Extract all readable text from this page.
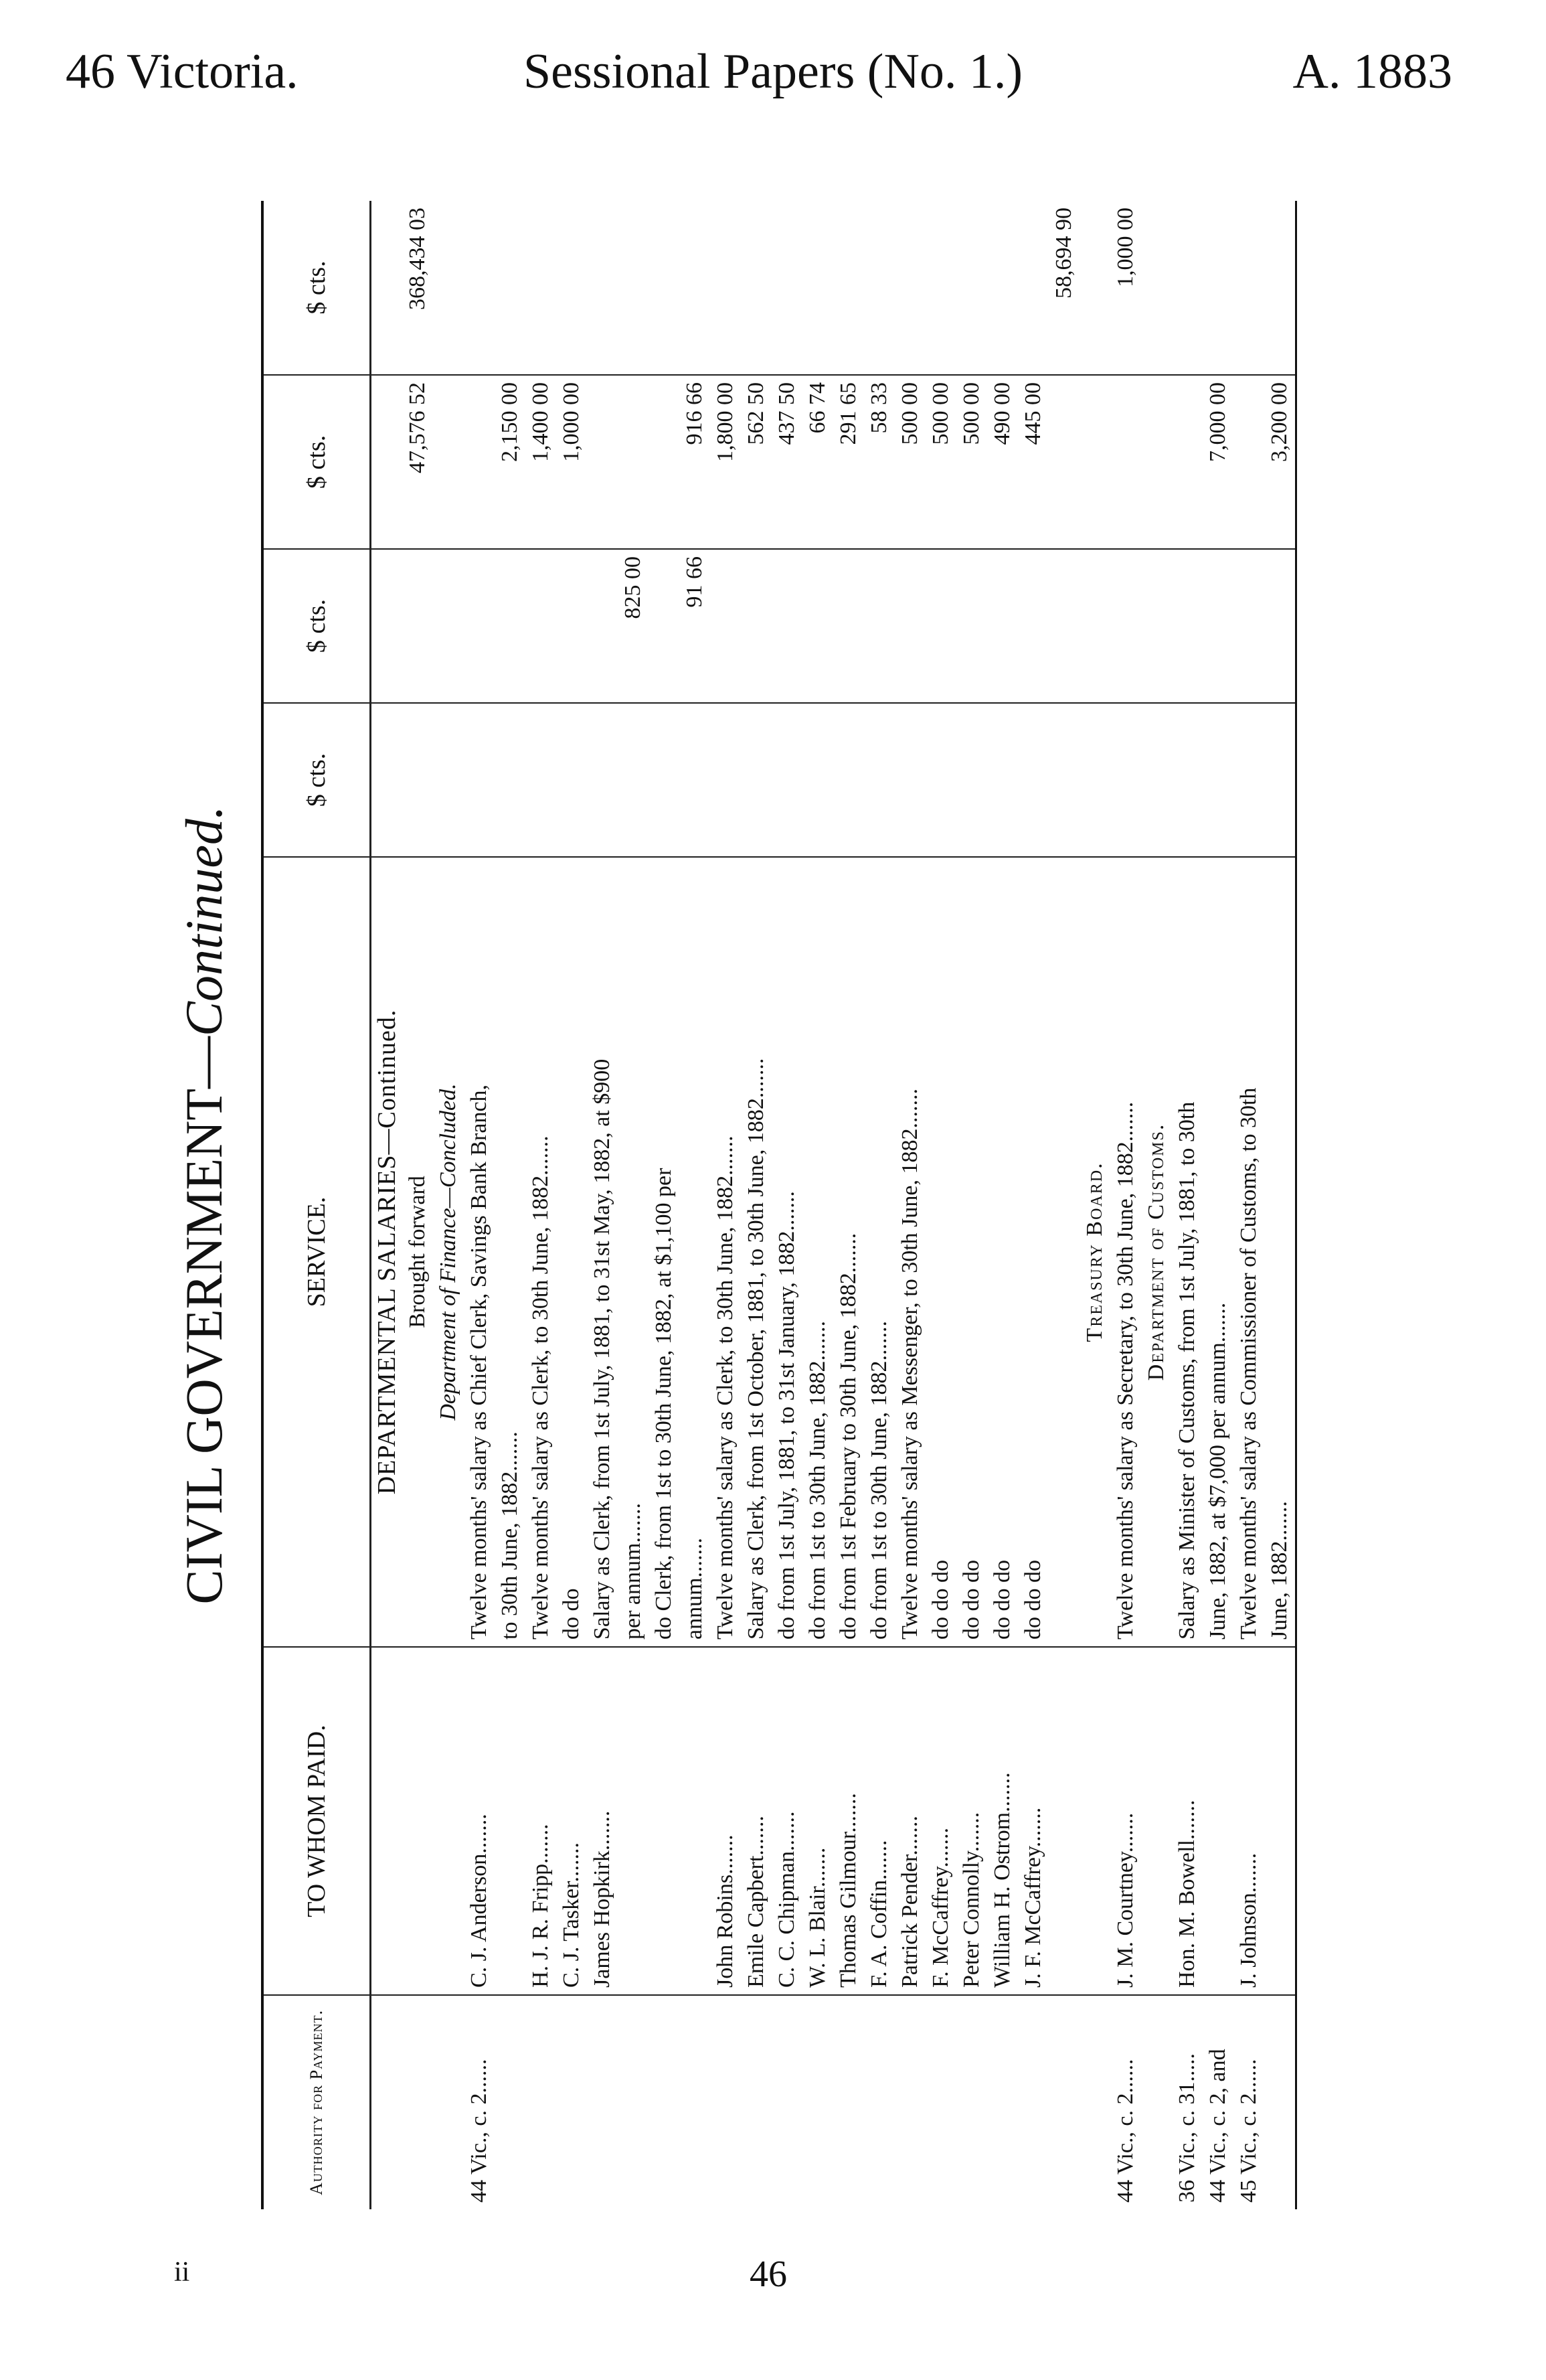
46 Victoria.	Sessional Papers (No. 1.)	A. 1883
CIVIL GOVERNMENT—Continued.
Authority for Payment.	TO WHOM PAID.	SERVICE.	$ cts.	$ cts.	$ cts.	$ cts.
		DEPARTMENTAL SALARIES—Continued.				
		Brought forward			47,576 52	368,434 03
		Department of Finance—Concluded.				
44 Vic., c. 2......	C. J. Anderson.......	Twelve months' salary as Chief Clerk, Savings Bank Branch,				
		to 30th June, 1882.......			2,150 00	
	H. J. R. Fripp.......	Twelve months' salary as Clerk, to 30th June, 1882.......			1,400 00	
	C. J. Tasker.......	do do			1,000 00	
	James Hopkirk.......	Salary as Clerk, from 1st July, 1881, to 31st May, 1882, at $900				
		per annum.......		825 00		
		do Clerk, from 1st to 30th June, 1882, at $1,100 per				
		annum.......		91 66	916 66	
	John Robins.......	Twelve months' salary as Clerk, to 30th June, 1882.......			1,800 00	
	Emile Capbert.......	Salary as Clerk, from 1st October, 1881, to 30th June, 1882.......			562 50	
	C. C. Chipman.......	do from 1st July, 1881, to 31st January, 1882.......			437 50	
	W. L. Blair.......	do from 1st to 30th June, 1882.......			66 74	
	Thomas Gilmour.......	do from 1st February to 30th June, 1882.......			291 65	
	F. A. Coffin.......	do from 1st to 30th June, 1882.......			58 33	
	Patrick Pender.......	Twelve months' salary as Messenger, to 30th June, 1882.......			500 00	
	F. McCaffrey.......	do do do			500 00	
	Peter Connolly.......	do do do			500 00	
	William H. Ostrom.......	do do do			490 00	
	J. F. McCaffrey.......	do do do			445 00	
						58,694 90
		Treasury Board.				
44 Vic., c. 2......	J. M. Courtney.......	Twelve months' salary as Secretary, to 30th June, 1882.......				1,000 00
		Department of Customs.				
36 Vic., c. 31.....	Hon. M. Bowell.......	Salary as Minister of Customs, from 1st July, 1881, to 30th				
44 Vic., c. 2, and		June, 1882, at $7,000 per annum.......			7,000 00	
45 Vic., c. 2......	J. Johnson.......	Twelve months' salary as Commissioner of Customs, to 30th				
		June, 1882.......			3,200 00	
46
ii
